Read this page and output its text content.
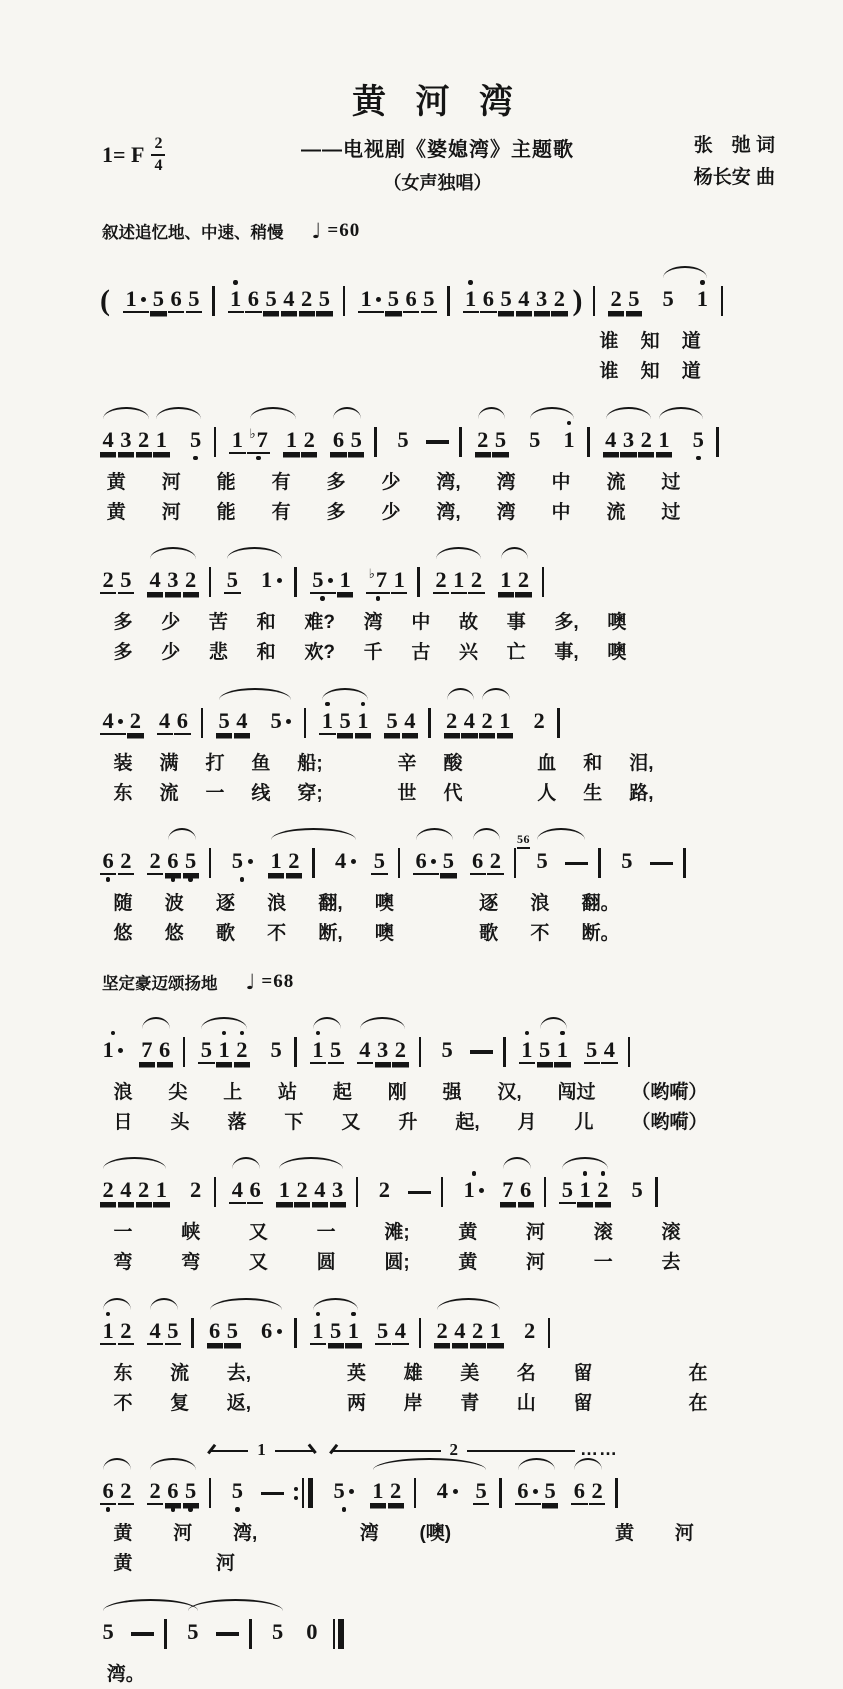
黄 河 湾
1= F $\frac{2}{4}$	——电视剧《婆媳湾》主题歌
（女声独唱）
张　弛 词
杨长安 曲
叙述追忆地、中速、稍慢 ♩ =60
( 1 5 6 5 1 6 5 4 2 5 1 5 6 5 1 6 5 4 3 2 ) 2 5 5 1
谁 知 道
谁 知 道
4 3 2 1 5 1 ♭ 7 1 2 6 5 5	2 5 5 1 4 3 2 1 5
黄 河 能 有 多 少 湾, 湾 中 流 过
黄 河 能 有 多 少 湾, 湾 中 流 过
2 5 4 3 2 5 1 5 1 ♭ 7 1 2 1 2 1 2
多 少 苦 和 难? 湾 中 故 事 多, 噢
多 少 悲 和 欢? 千 古 兴 亡 事, 噢
4 2 4 6 5 4 5 1 5 1 5 4 2 4 2 1 2
装 满 打 鱼 船;	辛 酸	血 和 泪,
东 流 一 线 穿;	世 代	人 生 路,
6 2 2 6 5 5 1 2 4 5 6 5 6 2 5
56
5
随 波 逐 浪 翻, 噢	逐 浪 翻。
悠 悠 歌 不 断, 噢	歌 不 断。
坚定豪迈颂扬地 ♩ =68
1 7 6 5 1 2 5 1 5 4 3 2 5	1 5 1 5 4
浪 尖 上 站 起 刚 强 汉, 闯过 （哟嗬）
日 头 落 下 又 升 起, 月 儿 （哟嗬）
2 4 2 1 2 4 6 1 2 4 3 2	1 7 6 5 1 2 5
一	峡	又	一	滩;	黄	河	滚	滚
弯	弯	又	圆	圆;	黄	河	一	去
1 2 4 5 6 5 6 1 5 1 5 4 2 4 2 1 2
东 流 去,	英 雄 美 名 留	在
不 复 返,	两 岸 青 山 留	在
1	2	……
6 2 2 6 5 5	5 1 2 4 5 6 5 6 2
黄 河 湾,	湾 (噢)	黄 河
黄	河
5	5	5 0
湾。
